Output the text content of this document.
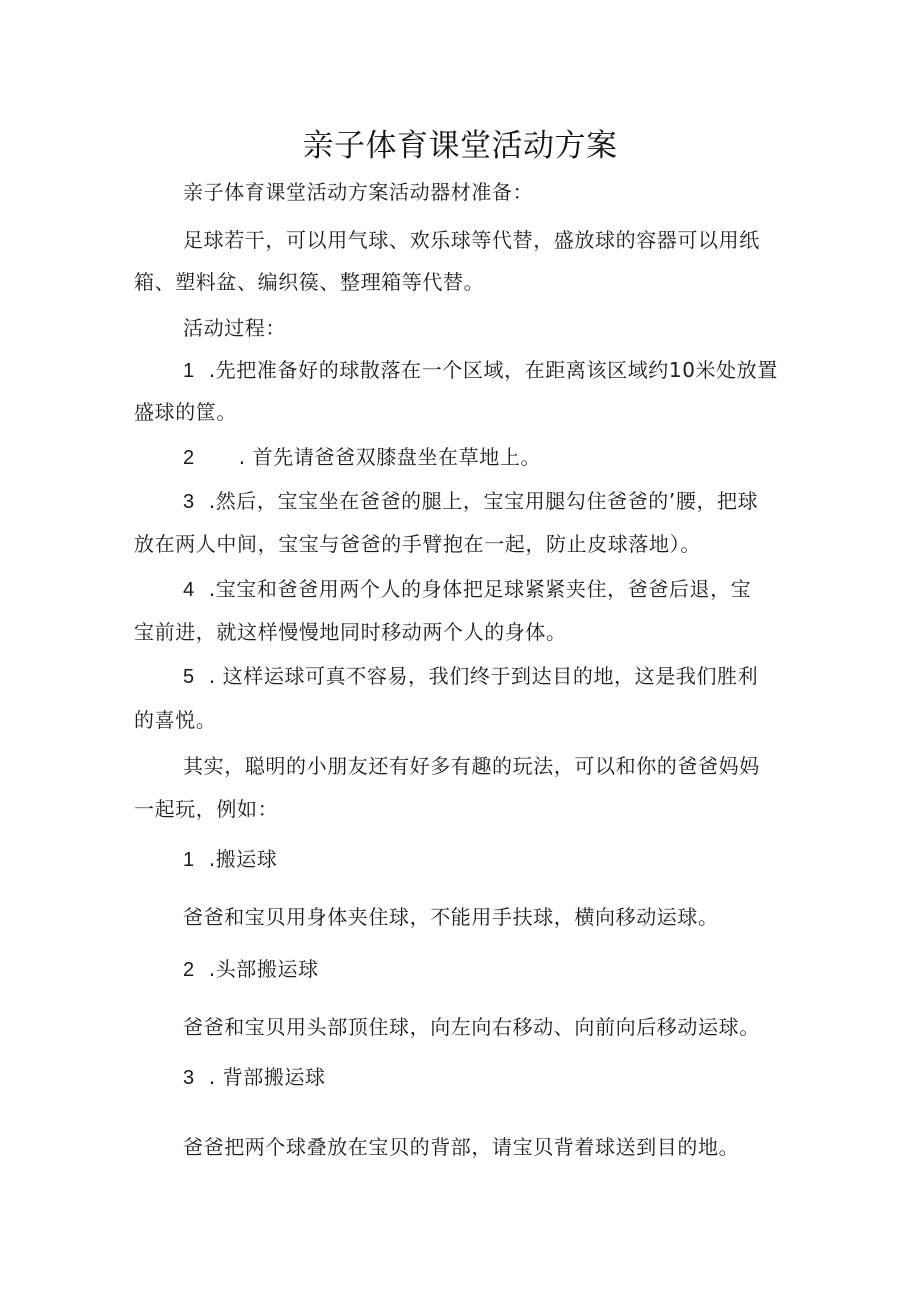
亲子体育课堂活动方案
亲子体育课堂活动方案活动器材准备：
足球若干，可以用气球、欢乐球等代替，盛放球的容器可以用纸
箱、塑料盆、编织篌、整理箱等代替。
活动过程：
1 .先把准备好的球散落在一个区域，在距离该区域约10米处放置
盛球的筐。
2 . 首先请爸爸双膝盘坐在草地上。
3 .然后，宝宝坐在爸爸的腿上，宝宝用腿勾住爸爸的’腰，把球
放在两人中间，宝宝与爸爸的手臂抱在一起，防止皮球落地）。
4 .宝宝和爸爸用两个人的身体把足球紧紧夹住，爸爸后退，宝
宝前进，就这样慢慢地同时移动两个人的身体。
5 . 这样运球可真不容易，我们终于到达目的地，这是我们胜利
的喜悦。
其实，聪明的小朋友还有好多有趣的玩法，可以和你的爸爸妈妈
一起玩，例如：
1 .搬运球
爸爸和宝贝用身体夹住球，不能用手扶球，横向移动运球。
2 .头部搬运球
爸爸和宝贝用头部顶住球，向左向右移动、向前向后移动运球。
3 . 背部搬运球
爸爸把两个球叠放在宝贝的背部，请宝贝背着球送到目的地。
